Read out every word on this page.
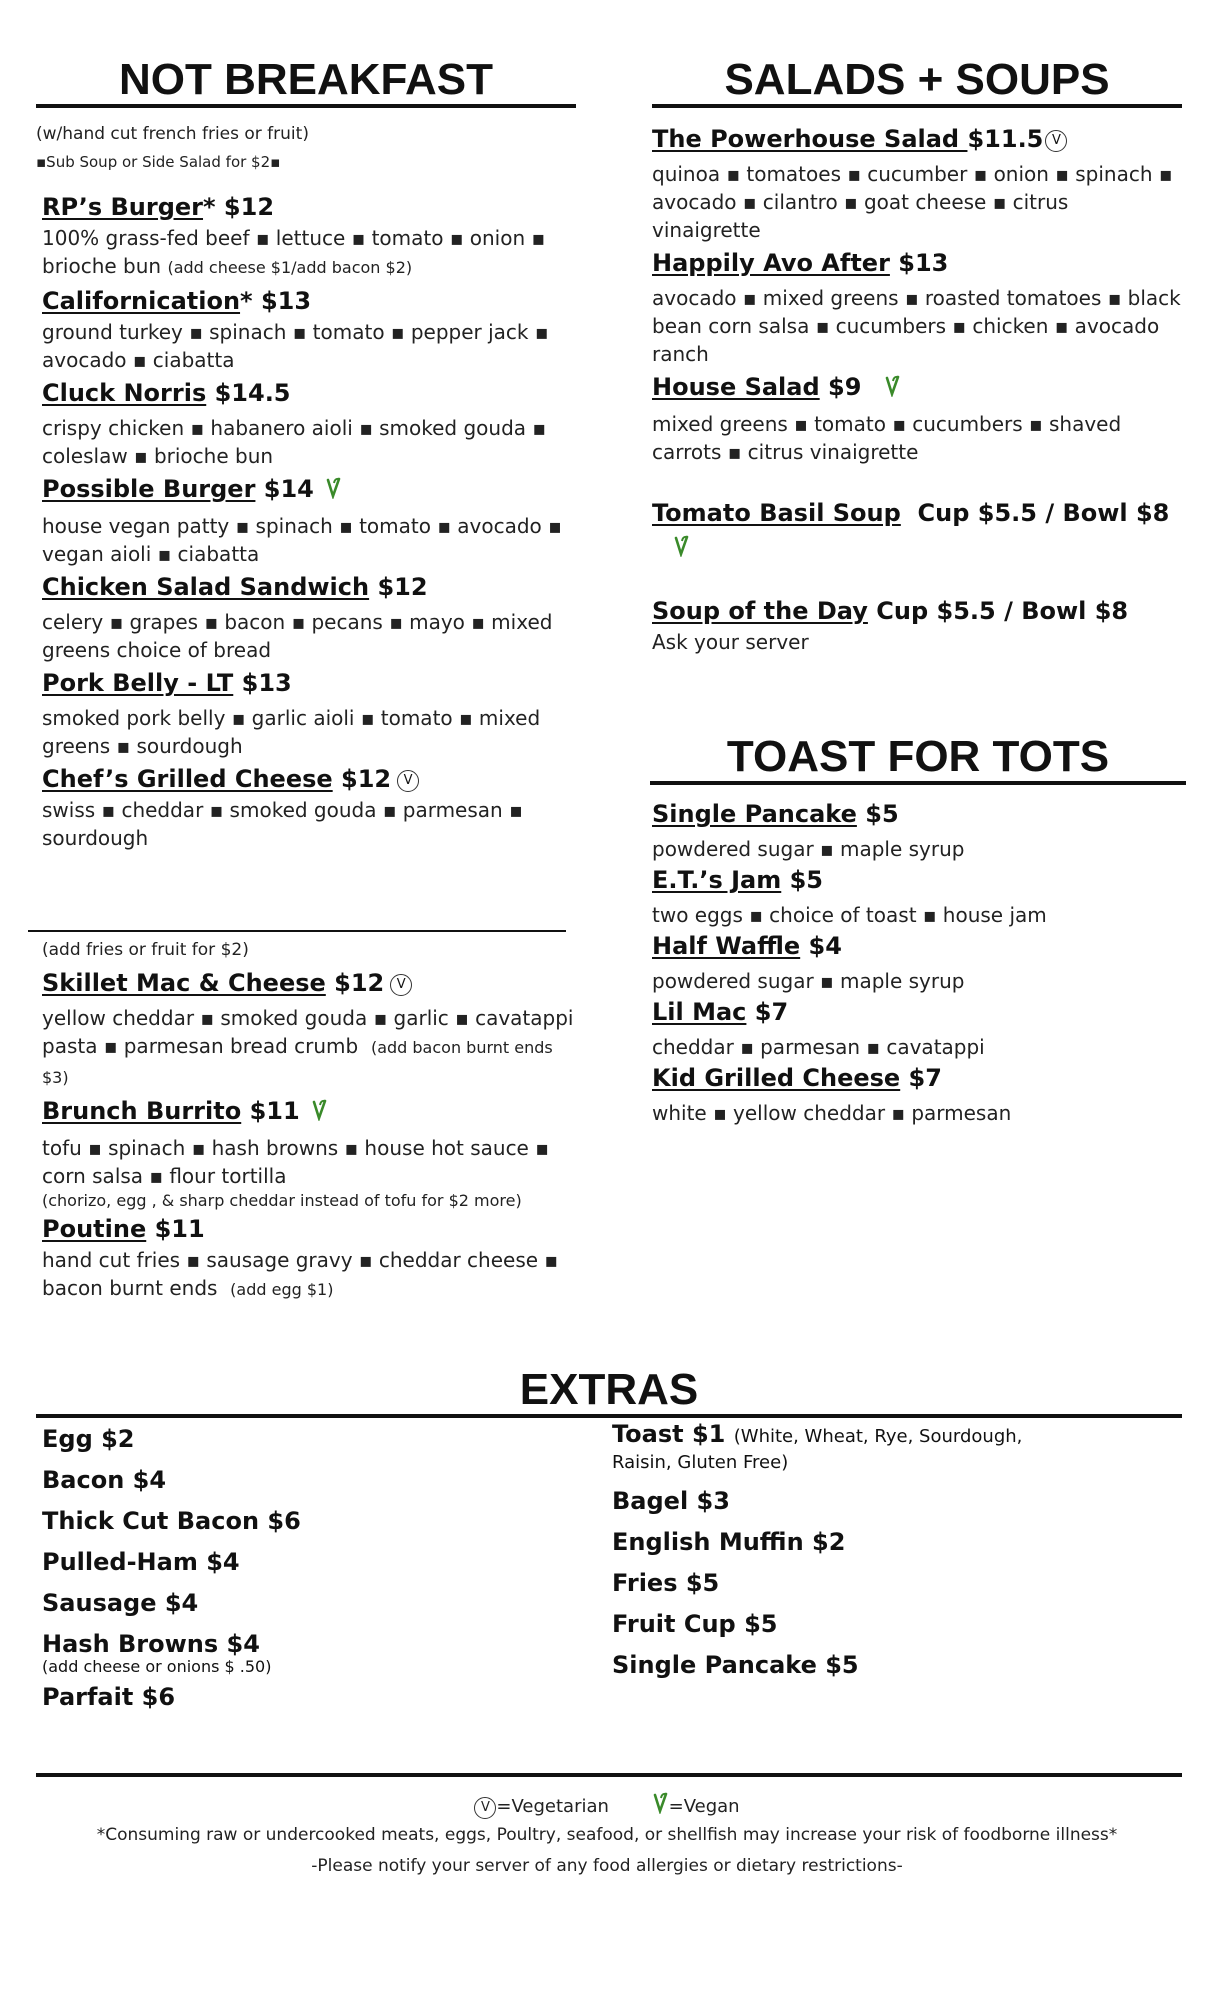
NOT BREAKFAST
(w/hand cut french fries or fruit)
▪Sub Soup or Side Salad for $2▪
RP’s Burger* $12
100% grass-fed beef ▪ lettuce ▪ tomato ▪ onion ▪ brioche bun (add cheese $1/add bacon $2)
Californication* $13
ground turkey ▪ spinach ▪ tomato ▪ pepper jack ▪ avocado ▪ ciabatta
Cluck Norris $14.5
crispy chicken ▪ habanero aioli ▪ smoked gouda ▪ coleslaw ▪ brioche bun
Possible Burger $14
house vegan patty ▪ spinach ▪ tomato ▪ avocado ▪ vegan aioli ▪ ciabatta
Chicken Salad Sandwich $12
celery ▪ grapes ▪ bacon ▪ pecans ▪ mayo ▪ mixed greens choice of bread
Pork Belly - LT $13
smoked pork belly ▪ garlic aioli ▪ tomato ▪ mixed greens ▪ sourdough
Chef’s Grilled Cheese $12 V
swiss ▪ cheddar ▪ smoked gouda ▪ parmesan ▪ sourdough
(add fries or fruit for $2)
Skillet Mac & Cheese $12 V
yellow cheddar ▪ smoked gouda ▪ garlic ▪ cavatappi pasta ▪ parmesan bread crumb (add bacon burnt ends $3)
Brunch Burrito $11
tofu ▪ spinach ▪ hash browns ▪ house hot sauce ▪ corn salsa ▪ flour tortilla
(chorizo, egg , & sharp cheddar instead of tofu for $2 more)
Poutine $11
hand cut fries ▪ sausage gravy ▪ cheddar cheese ▪ bacon burnt ends (add egg $1)
SALADS + SOUPS
The Powerhouse Salad $11.5 V
quinoa ▪ tomatoes ▪ cucumber ▪ onion ▪ spinach ▪ avocado ▪ cilantro ▪ goat cheese ▪ citrus vinaigrette
Happily Avo After $13
avocado ▪ mixed greens ▪ roasted tomatoes ▪ black bean corn salsa ▪ cucumbers ▪ chicken ▪ avocado ranch
House Salad $9
mixed greens ▪ tomato ▪ cucumbers ▪ shaved carrots ▪ citrus vinaigrette
Tomato Basil Soup  Cup $5.5 / Bowl $8
Soup of the Day Cup $5.5 / Bowl $8
Ask your server
TOAST FOR TOTS
Single Pancake $5
powdered sugar ▪ maple syrup
E.T.’s Jam $5
two eggs ▪ choice of toast ▪ house jam
Half Waffle $4
powdered sugar ▪ maple syrup
Lil Mac $7
cheddar ▪ parmesan ▪ cavatappi
Kid Grilled Cheese $7
white ▪ yellow cheddar ▪ parmesan
EXTRAS
Egg $2
Bacon $4
Thick Cut Bacon $6
Pulled-Ham $4
Sausage $4
Hash Browns $4
(add cheese or onions $ .50)
Parfait $6
Toast $1 (White, Wheat, Rye, Sourdough,
Raisin, Gluten Free)
Bagel $3
English Muffin $2
Fries $5
Fruit Cup $5
Single Pancake $5
V =Vegetarian	=Vegan
*Consuming raw or undercooked meats, eggs, Poultry, seafood, or shellfish may increase your risk of foodborne illness*
-Please notify your server of any food allergies or dietary restrictions-
